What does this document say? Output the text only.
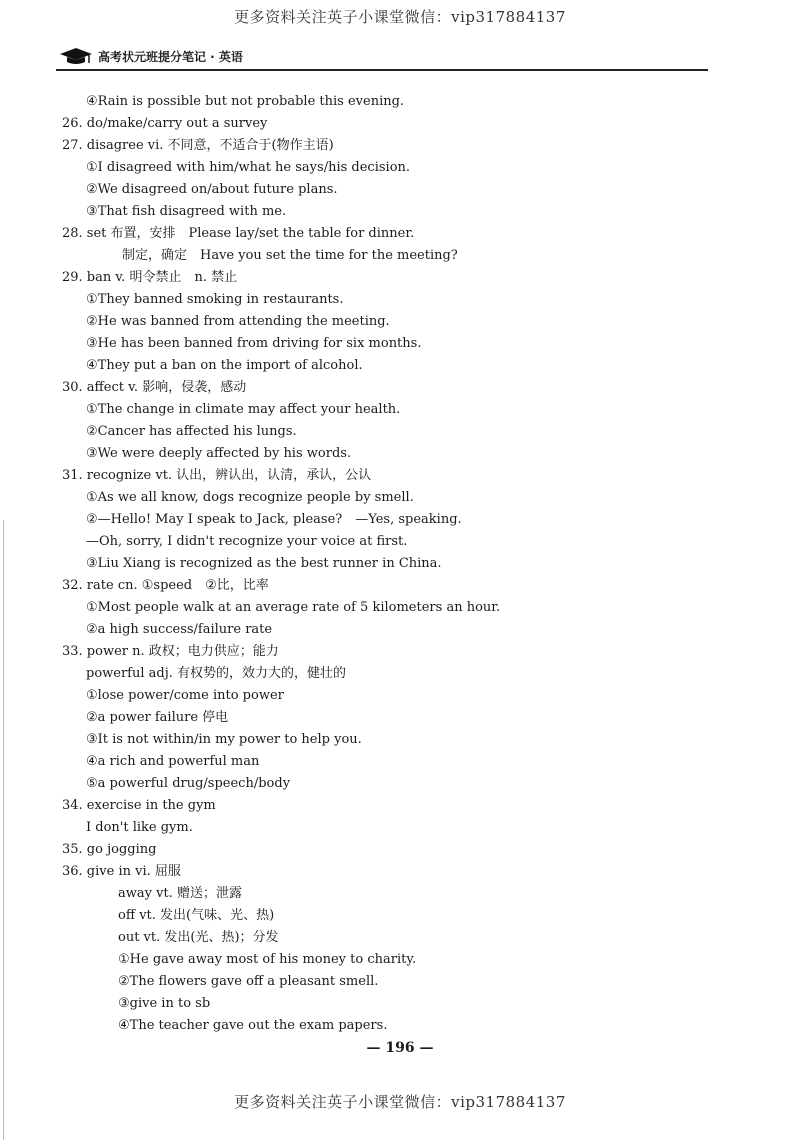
更多资料关注英子小课堂微信：vip317884137
高考状元班提分笔记 · 英语
④Rain is possible but not probable this evening.
26. do/make/carry out a survey
27. disagree vi. 不同意，不适合于(物作主语)
①I disagreed with him/what he says/his decision.
②We disagreed on/about future plans.
③That fish disagreed with me.
28. set 布置，安排　Please lay/set the table for dinner.
制定，确定　Have you set the time for the meeting?
29. ban v. 明令禁止　n. 禁止
①They banned smoking in restaurants.
②He was banned from attending the meeting.
③He has been banned from driving for six months.
④They put a ban on the import of alcohol.
30. affect v. 影响，侵袭，感动
①The change in climate may affect your health.
②Cancer has affected his lungs.
③We were deeply affected by his words.
31. recognize vt. 认出，辨认出，认清，承认，公认
①As we all know, dogs recognize people by smell.
②—Hello! May I speak to Jack, please?　—Yes, speaking.
—Oh, sorry, I didn't recognize your voice at first.
③Liu Xiang is recognized as the best runner in China.
32. rate cn. ①speed　②比，比率
①Most people walk at an average rate of 5 kilometers an hour.
②a high success/failure rate
33. power n. 政权；电力供应；能力
powerful adj. 有权势的，效力大的，健壮的
①lose power/come into power
②a power failure 停电
③It is not within/in my power to help you.
④a rich and powerful man
⑤a powerful drug/speech/body
34. exercise in the gym
I don't like gym.
35. go jogging
36. give in vi. 屈服
away vt. 赠送；泄露
off vt. 发出(气味、光、热)
out vt. 发出(光、热)；分发
①He gave away most of his money to charity.
②The flowers gave off a pleasant smell.
③give in to sb
④The teacher gave out the exam papers.
— 196 —
更多资料关注英子小课堂微信：vip317884137
